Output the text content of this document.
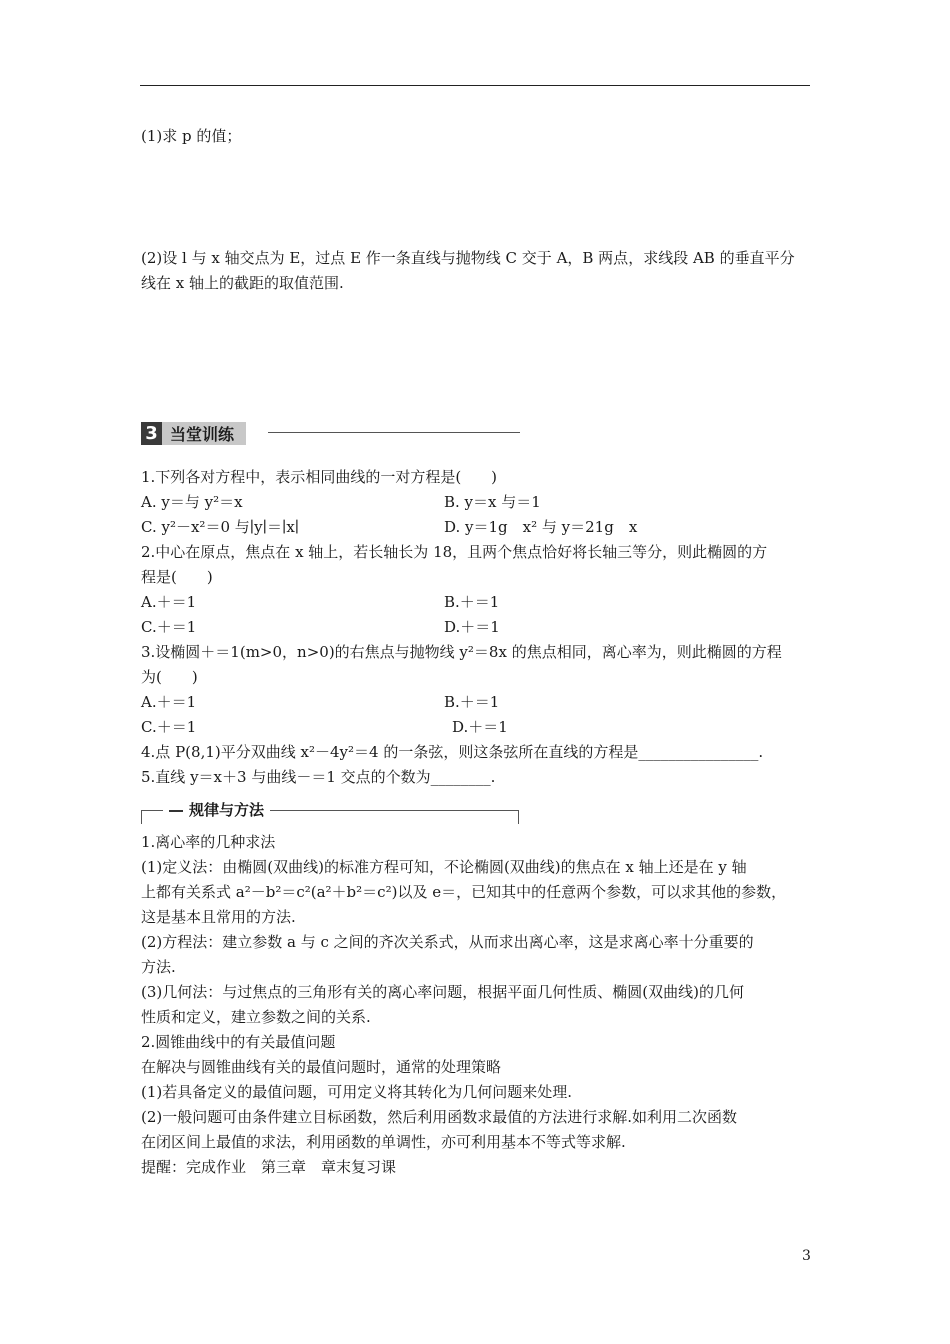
(1)求 p 的值；
(2)设 l 与 x 轴交点为 E，过点 E 作一条直线与抛物线 C 交于 A，B 两点，求线段 AB 的垂直平分
线在 x 轴上的截距的取值范围.
3 当堂训练
1.下列各对方程中，表示相同曲线的一对方程是(　　)
A. y＝与 y²＝x	B. y＝x 与＝1
C. y²－x²＝0 与∣y∣＝∣x∣	D. y＝1g　x² 与 y＝21g　x
2.中心在原点，焦点在 x 轴上，若长轴长为 18，且两个焦点恰好将长轴三等分，则此椭圆的方
程是(　　)
A.＋＝1	B.＋＝1
C.＋＝1	D.＋＝1
3.设椭圆＋＝1(m>0，n>0)的右焦点与抛物线 y²＝8x 的焦点相同，离心率为，则此椭圆的方程
为(　　)
A.＋＝1	B.＋＝1
C.＋＝1	D.＋＝1
4.点 P(8,1)平分双曲线 x²－4y²＝4 的一条弦，则这条弦所在直线的方程是________________.
5.直线 y＝x＋3 与曲线－＝1 交点的个数为________.
规律与方法
1.离心率的几种求法
(1)定义法：由椭圆(双曲线)的标准方程可知，不论椭圆(双曲线)的焦点在 x 轴上还是在 y 轴
上都有关系式 a²－b²＝c²(a²＋b²＝c²)以及 e＝，已知其中的任意两个参数，可以求其他的参数，
这是基本且常用的方法.
(2)方程法：建立参数 a 与 c 之间的齐次关系式，从而求出离心率，这是求离心率十分重要的
方法.
(3)几何法：与过焦点的三角形有关的离心率问题，根据平面几何性质、椭圆(双曲线)的几何
性质和定义，建立参数之间的关系.
2.圆锥曲线中的有关最值问题
在解决与圆锥曲线有关的最值问题时，通常的处理策略
(1)若具备定义的最值问题，可用定义将其转化为几何问题来处理.
(2)一般问题可由条件建立目标函数，然后利用函数求最值的方法进行求解.如利用二次函数
在闭区间上最值的求法，利用函数的单调性，亦可利用基本不等式等求解.
提醒：完成作业　第三章　章末复习课
3
